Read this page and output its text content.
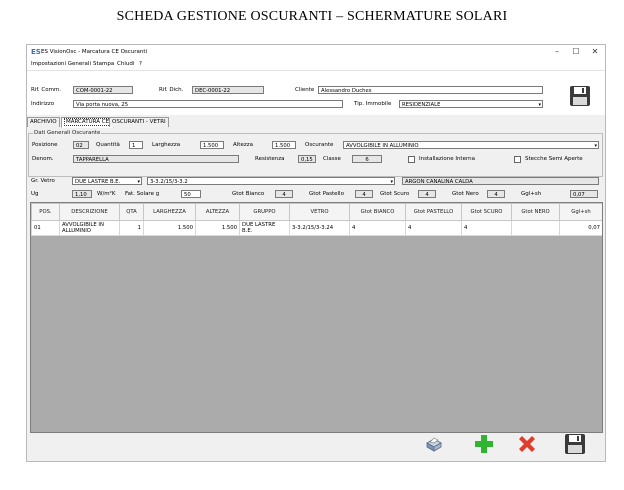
SCHEDA GESTIONE OSCURANTI – SCHERMATURE SOLARI
ES ES VisionOsc - Marcatura CE Oscuranti	–	☐	✕
Impostazioni Generali Stampa Chiudi ?
Rif. Comm.	COM-0001-22	Rif. Dich.	DEC-0001-22	Cliente	Alessandro Duches
Indirizzo	Via porta nuova, 25	Tip. Immobile	RESIDENZIALE	▾
ARCHIVIO	MARCATURA CE OSCURANTI - VETRI
Dati Generali Oscurante
Posizione	02	Quantità	1	Larghezza	1.500	Altezza	1.500	Oscurante	AVVOLGIBILE IN ALLUMINIO	▾
Denom.	TAPPARELLA	Resistenza	0,15	Classe	6	Installazione Interna	Stecche Semi Aperte
Gr. Vetro	DUE LASTRE B.E.	▾	3-3.2/15/3-3.2	▾	ARGON CANALINA CALDA
Ug	1,10	W/m²K Fat. Solare g	50	Gtot Bianco	4	Gtot Pastello	4	Gtot Scuro	4	Gtot Nero	4	Ggl+sh	0,07
POS.	DESCRIZIONE	QTA	LARGHEZZA	ALTEZZA	GRUPPO	VETRO	Gtot BIANCO	Gtot PASTELLO	Gtot SCURO	Gtot NERO	Ggl+sh
01	AVVOLGIBILE IN ALLUMINIO	1	1.500	1.500	DUE LASTRE B.E.	3-3.2/15/3-3.24	4	4	4		0,07
